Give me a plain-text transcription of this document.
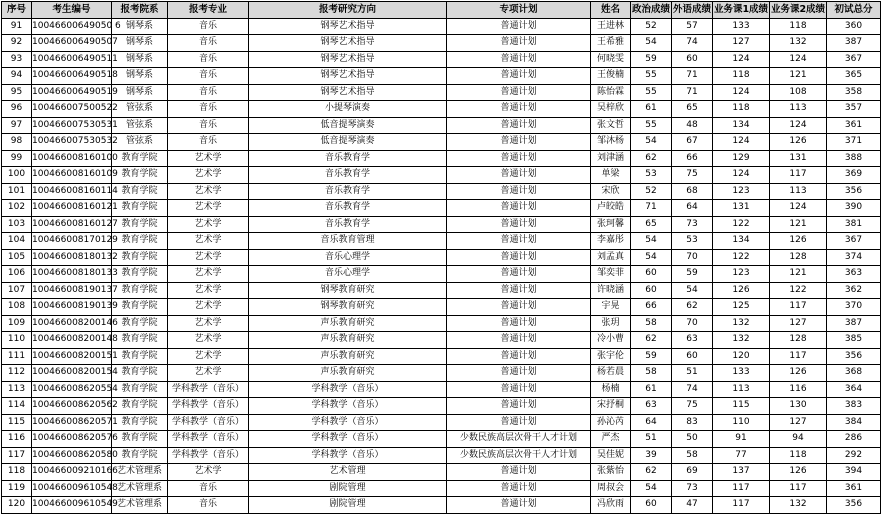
序号	考生编号	报考院系	报考专业	报考研究方向	专项计划	姓名	政治成绩	外语成绩	业务课1成绩	业务课2成绩	初试总分
91	10046600649050 6	钢琴系	音乐	钢琴艺术指导	普通计划	王进林	52	57	133	118	360
92	100466006490507	钢琴系	音乐	钢琴艺术指导	普通计划	王希雅	54	74	127	132	387
93	100466006490511	钢琴系	音乐	钢琴艺术指导	普通计划	何晓雯	59	60	124	124	367
94	100466006490518	钢琴系	音乐	钢琴艺术指导	普通计划	王俊楠	55	71	118	121	365
95	100466006490519	钢琴系	音乐	钢琴艺术指导	普通计划	陈怡霖	55	71	124	108	358
96	100466007500522	管弦系	音乐	小提琴演奏	普通计划	吴梓欣	61	65	118	113	357
97	100466007530531	管弦系	音乐	低音提琴演奏	普通计划	张文哲	55	48	134	124	361
98	100466007530532	管弦系	音乐	低音提琴演奏	普通计划	邹沐杨	54	67	124	126	371
99	100466008160100	教育学院	艺术学	音乐教育学	普通计划	刘津涵	62	66	129	131	388
100	100466008160109	教育学院	艺术学	音乐教育学	普通计划	单梁	53	75	124	117	369
101	100466008160114	教育学院	艺术学	音乐教育学	普通计划	宋欣	52	68	123	113	356
102	100466008160121	教育学院	艺术学	音乐教育学	普通计划	卢皎皓	71	64	131	124	390
103	100466008160127	教育学院	艺术学	音乐教育学	普通计划	张珂馨	65	73	122	121	381
104	100466008170129	教育学院	艺术学	音乐教育管理	普通计划	李嘉彤	54	53	134	126	367
105	100466008180132	教育学院	艺术学	音乐心理学	普通计划	刘孟真	54	70	122	128	374
106	100466008180133	教育学院	艺术学	音乐心理学	普通计划	邹奕菲	60	59	123	121	363
107	100466008190137	教育学院	艺术学	钢琴教育研究	普通计划	许晓涵	60	54	126	122	362
108	100466008190139	教育学院	艺术学	钢琴教育研究	普通计划	宇晃	66	62	125	117	370
109	100466008200146	教育学院	艺术学	声乐教育研究	普通计划	张玥	58	70	132	127	387
110	100466008200148	教育学院	艺术学	声乐教育研究	普通计划	冷小曹	62	63	132	128	385
111	100466008200151	教育学院	艺术学	声乐教育研究	普通计划	张宇伦	59	60	120	117	356
112	100466008200154	教育学院	艺术学	声乐教育研究	普通计划	杨若晨	58	51	133	126	368
113	100466008620554	教育学院	学科教学（音乐）	学科教学（音乐）	普通计划	杨楠	61	74	113	116	364
114	100466008620562	教育学院	学科教学（音乐）	学科教学（音乐）	普通计划	宋抒桐	63	75	115	130	383
115	100466008620571	教育学院	学科教学（音乐）	学科教学（音乐）	普通计划	孙沁芮	64	83	110	127	384
116	100466008620576	教育学院	学科教学（音乐）	学科教学（音乐）	少数民族高层次骨干人才计划	严杰	51	50	91	94	286
117	100466008620580	教育学院	学科教学（音乐）	学科教学（音乐）	少数民族高层次骨干人才计划	吴佳妮	39	58	77	118	292
118	100466009210166	艺术管理系	艺术学	艺术管理	普通计划	张紫怡	62	69	137	126	394
119	100466009610548	艺术管理系	音乐	剧院管理	普通计划	周叔会	54	73	117	117	361
120	100466009610549	艺术管理系	音乐	剧院管理	普通计划	冯欣雨	60	47	117	132	356
